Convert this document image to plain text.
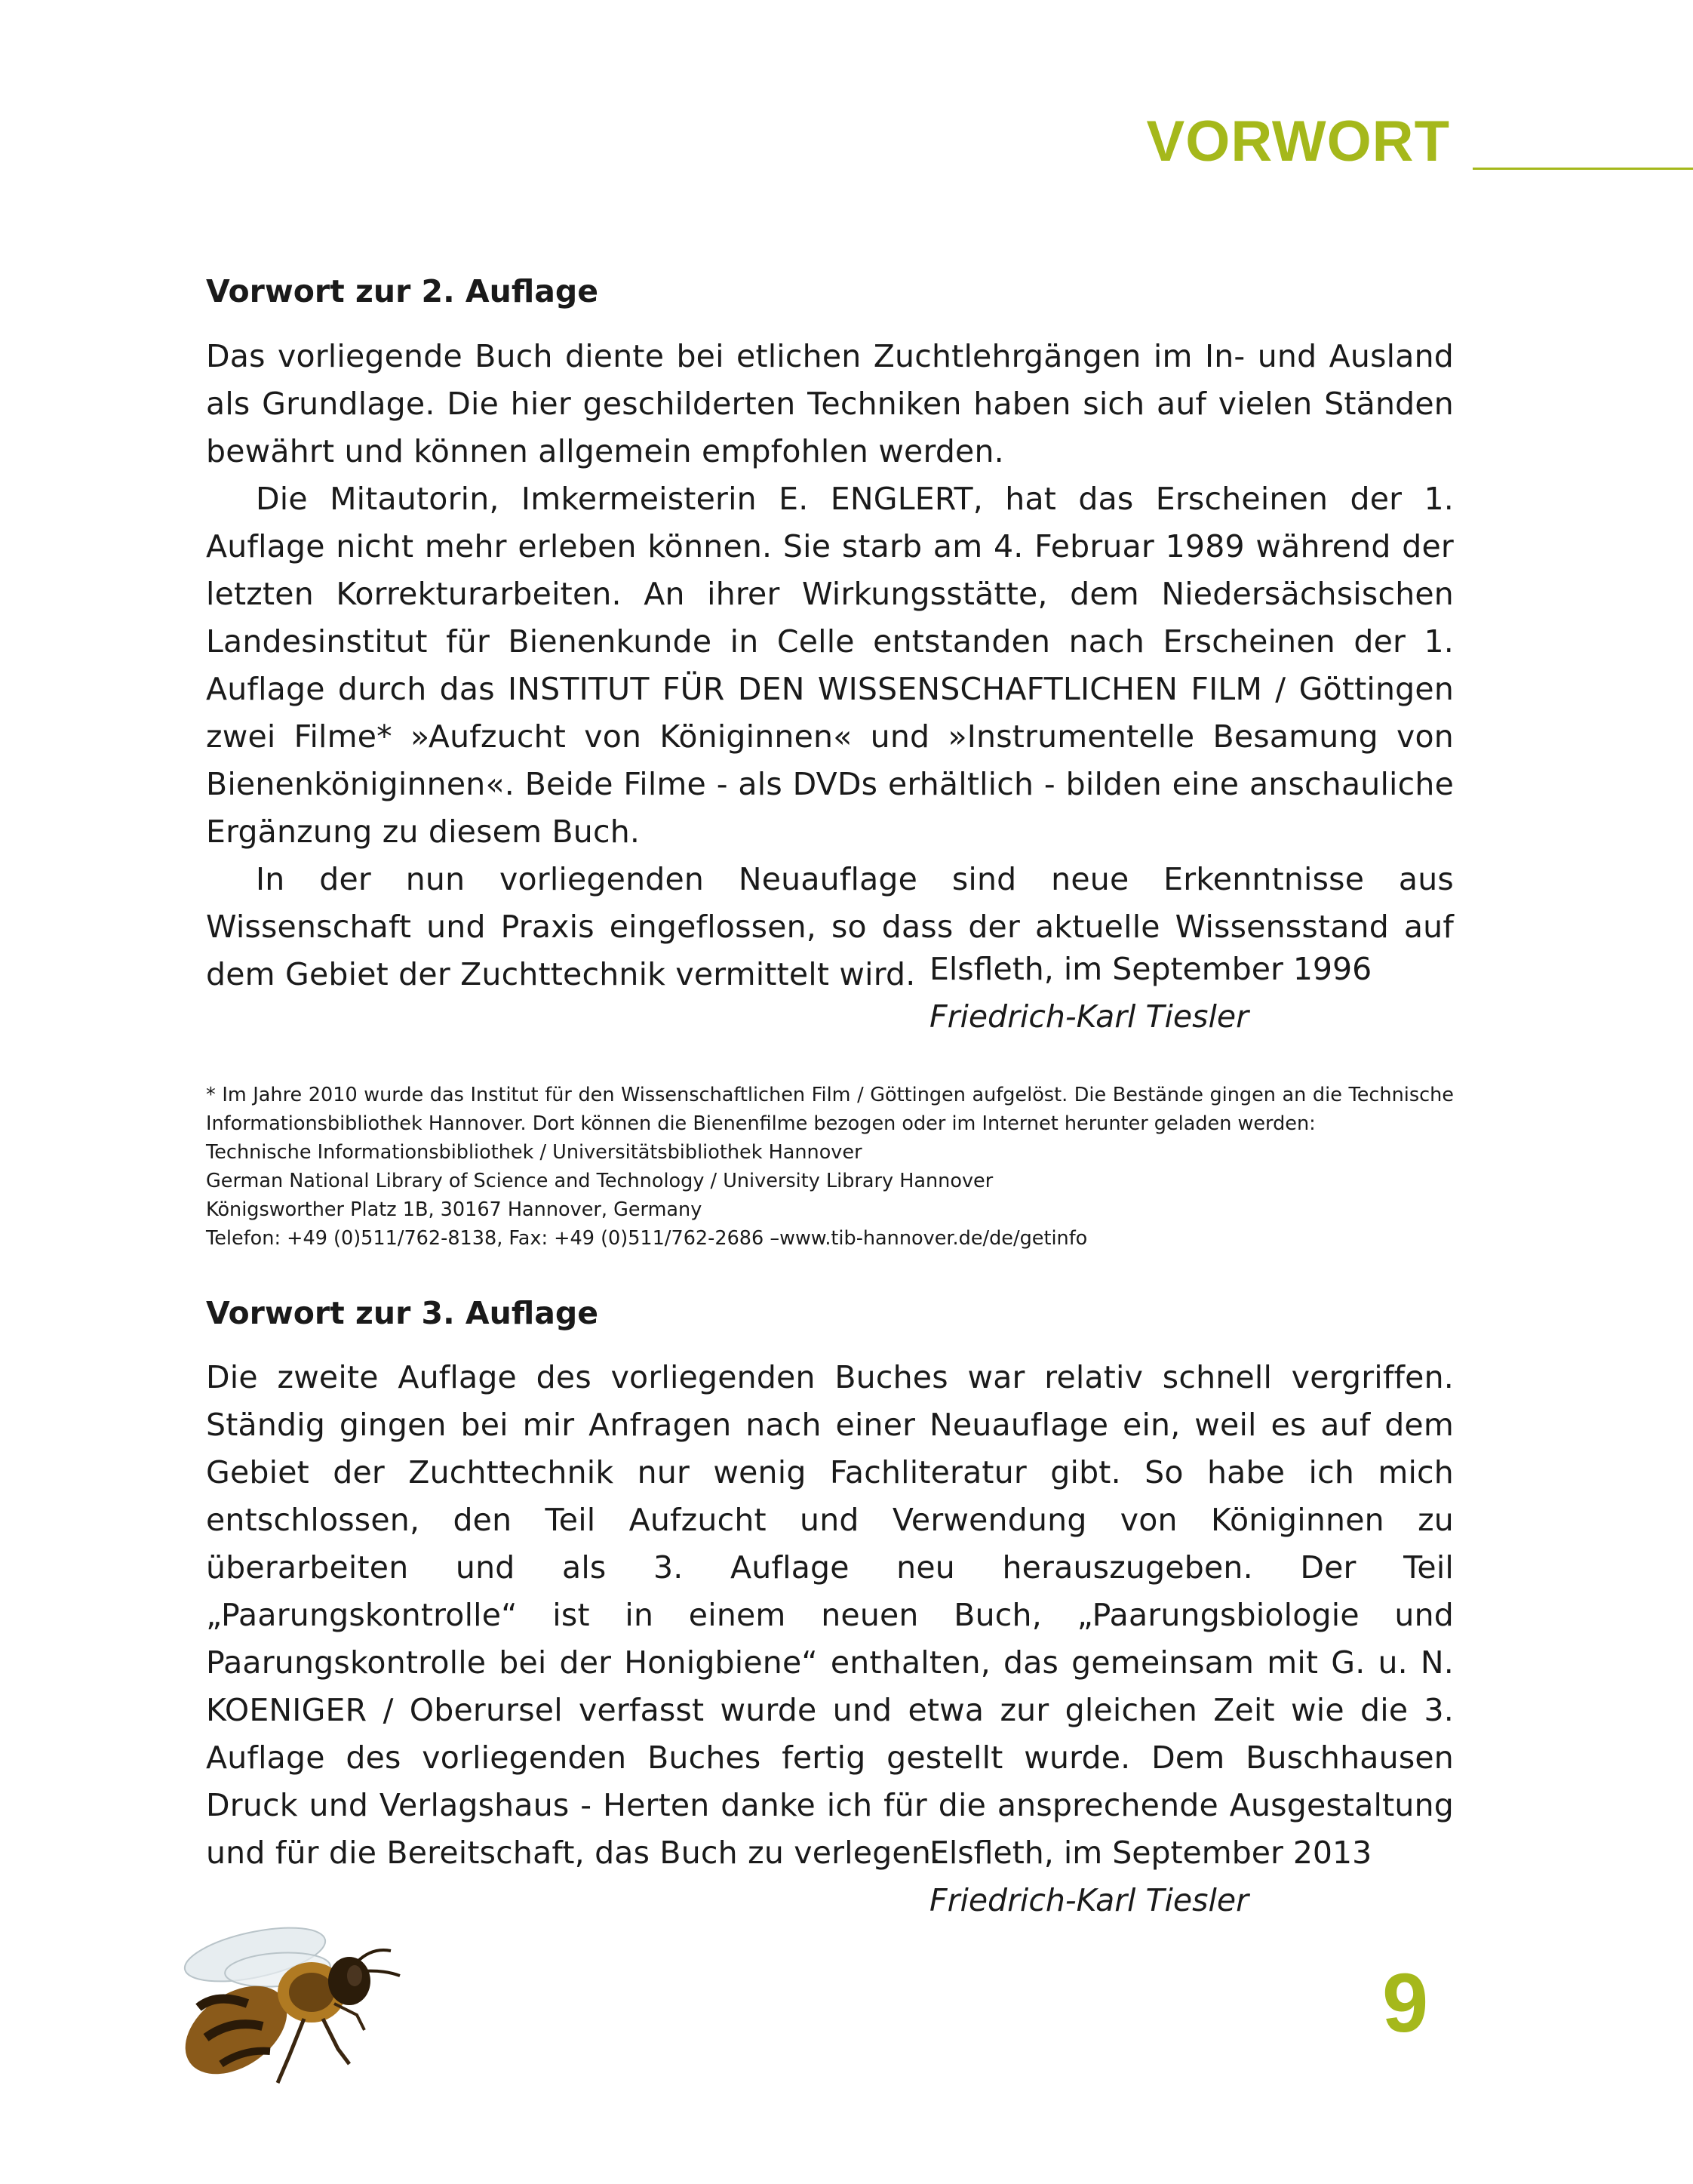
VORWORT
Vorwort zur 2. Auflage

Das vorliegende Buch diente bei etlichen Zuchtlehrgängen im In- und Ausland als Grundlage. Die hier geschilderten Techniken haben sich auf vielen Ständen bewährt und können allgemein empfohlen werden.

Die Mitautorin, Imkermeisterin E. ENGLERT, hat das Erscheinen der 1. Auflage nicht mehr erleben können. Sie starb am 4. Februar 1989 während der letzten Korrekturarbeiten. An ihrer Wirkungsstätte, dem Niedersächsischen Landesinstitut für Bienenkunde in Celle entstanden nach Erscheinen der 1. Auflage durch das INSTITUT FÜR DEN WISSENSCHAFTLICHEN FILM / Göttingen zwei Filme* »Aufzucht von Königinnen« und »Instrumentelle Besamung von Bienenköniginnen«. Beide Filme - als DVDs erhältlich - bilden eine anschauliche Ergänzung zu diesem Buch.

In der nun vorliegenden Neuauflage sind neue Erkenntnisse aus Wissenschaft und Praxis eingeflossen, so dass der aktuelle Wissensstand auf dem Gebiet der Zuchttechnik vermittelt wird. Elsfleth, im September 1996
Friedrich-Karl Tiesler

* Im Jahre 2010 wurde das Institut für den Wissenschaftlichen Film / Göttingen aufgelöst. Die Bestände gingen an die Technische Informationsbibliothek Hannover. Dort können die Bienenfilme bezogen oder im Internet herunter geladen werden:

Technische Informationsbibliothek / Universitätsbibliothek Hannover

German National Library of Science and Technology / University Library Hannover

Königsworther Platz 1B, 30167 Hannover, Germany

Telefon: +49 (0)511/762-8138, Fax: +49 (0)511/762-2686 –www.tib-hannover.de/de/getinfo

Vorwort zur 3. Auflage

Die zweite Auflage des vorliegenden Buches war relativ schnell vergriffen. Ständig gingen bei mir Anfragen nach einer Neuauflage ein, weil es auf dem Gebiet der Zuchttechnik nur wenig Fachliteratur gibt. So habe ich mich entschlossen, den Teil Aufzucht und Verwendung von Königinnen zu überarbeiten und als 3. Auflage neu herauszugeben. Der Teil „Paarungskontrolle“ ist in einem neuen Buch, „Paarungsbiologie und Paarungskontrolle bei der Honigbiene“ enthalten, das gemeinsam mit G. u. N. KOENIGER / Oberursel verfasst wurde und etwa zur gleichen Zeit wie die 3. Auflage des vorliegenden Buches fertig gestellt wurde. Dem Buschhausen Druck und Verlagshaus - Herten danke ich für die ansprechende Ausgestaltung und für die Bereitschaft, das Buch zu verlegen.

Elsfleth, im September 2013
Friedrich-Karl Tiesler
9
